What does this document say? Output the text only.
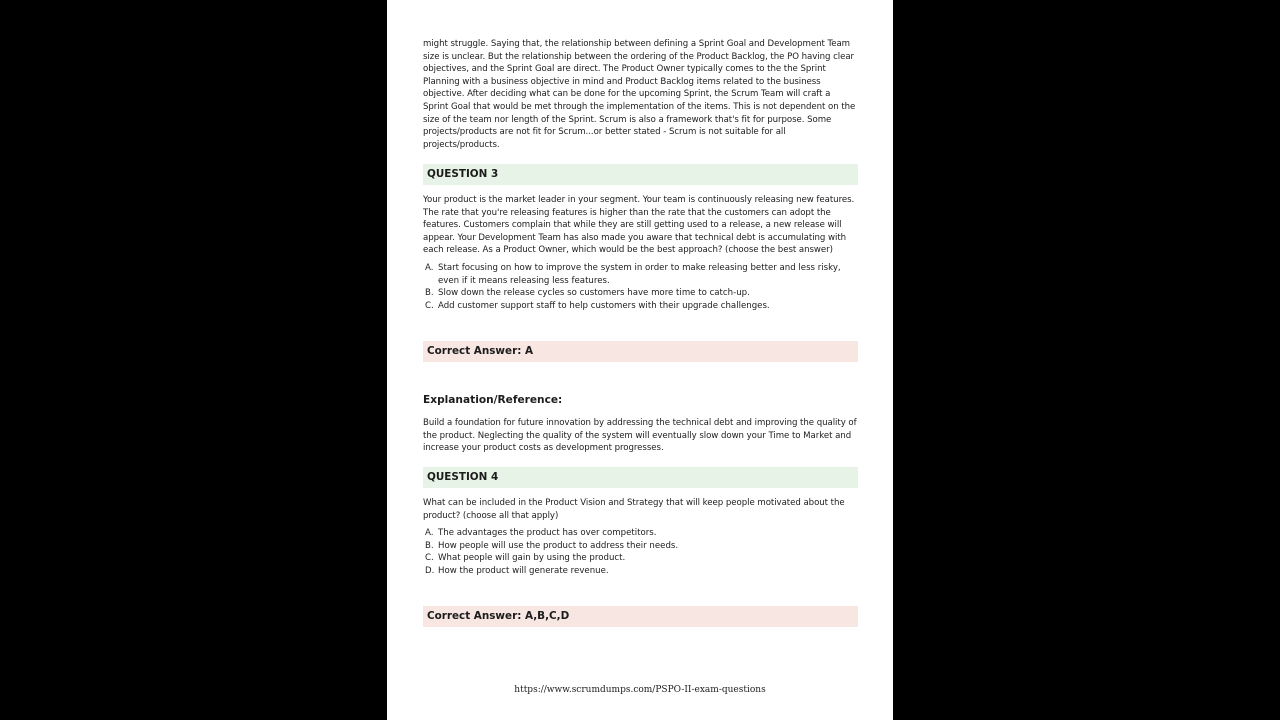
might struggle. Saying that, the relationship between defining a Sprint Goal and Development Team size is unclear. But the relationship between the ordering of the Product Backlog, the PO having clear objectives, and the Sprint Goal are direct. The Product Owner typically comes to the the Sprint Planning with a business objective in mind and Product Backlog items related to the business objective. After deciding what can be done for the upcoming Sprint, the Scrum Team will craft a Sprint Goal that would be met through the implementation of the items. This is not dependent on the size of the team nor length of the Sprint. Scrum is also a framework that's fit for purpose. Some projects/products are not fit for Scrum...or better stated - Scrum is not suitable for all projects/products.

QUESTION 3

Your product is the market leader in your segment. Your team is continuously releasing new features. The rate that you're releasing features is higher than the rate that the customers can adopt the features. Customers complain that while they are still getting used to a release, a new release will appear. Your Development Team has also made you aware that technical debt is accumulating with each release. As a Product Owner, which would be the best approach? (choose the best answer)

A. Start focusing on how to improve the system in order to make releasing better and less risky, even if it means releasing less features.
B. Slow down the release cycles so customers have more time to catch-up.
C. Add customer support staff to help customers with their upgrade challenges.
Correct Answer: A
Explanation/Reference:

Build a foundation for future innovation by addressing the technical debt and improving the quality of the product. Neglecting the quality of the system will eventually slow down your Time to Market and increase your product costs as development progresses.

QUESTION 4

What can be included in the Product Vision and Strategy that will keep people motivated about the product? (choose all that apply)

A. The advantages the product has over competitors.
B. How people will use the product to address their needs.
C. What people will gain by using the product.
D. How the product will generate revenue.
Correct Answer: A,B,C,D
https://www.scrumdumps.com/PSPO-II-exam-questions
